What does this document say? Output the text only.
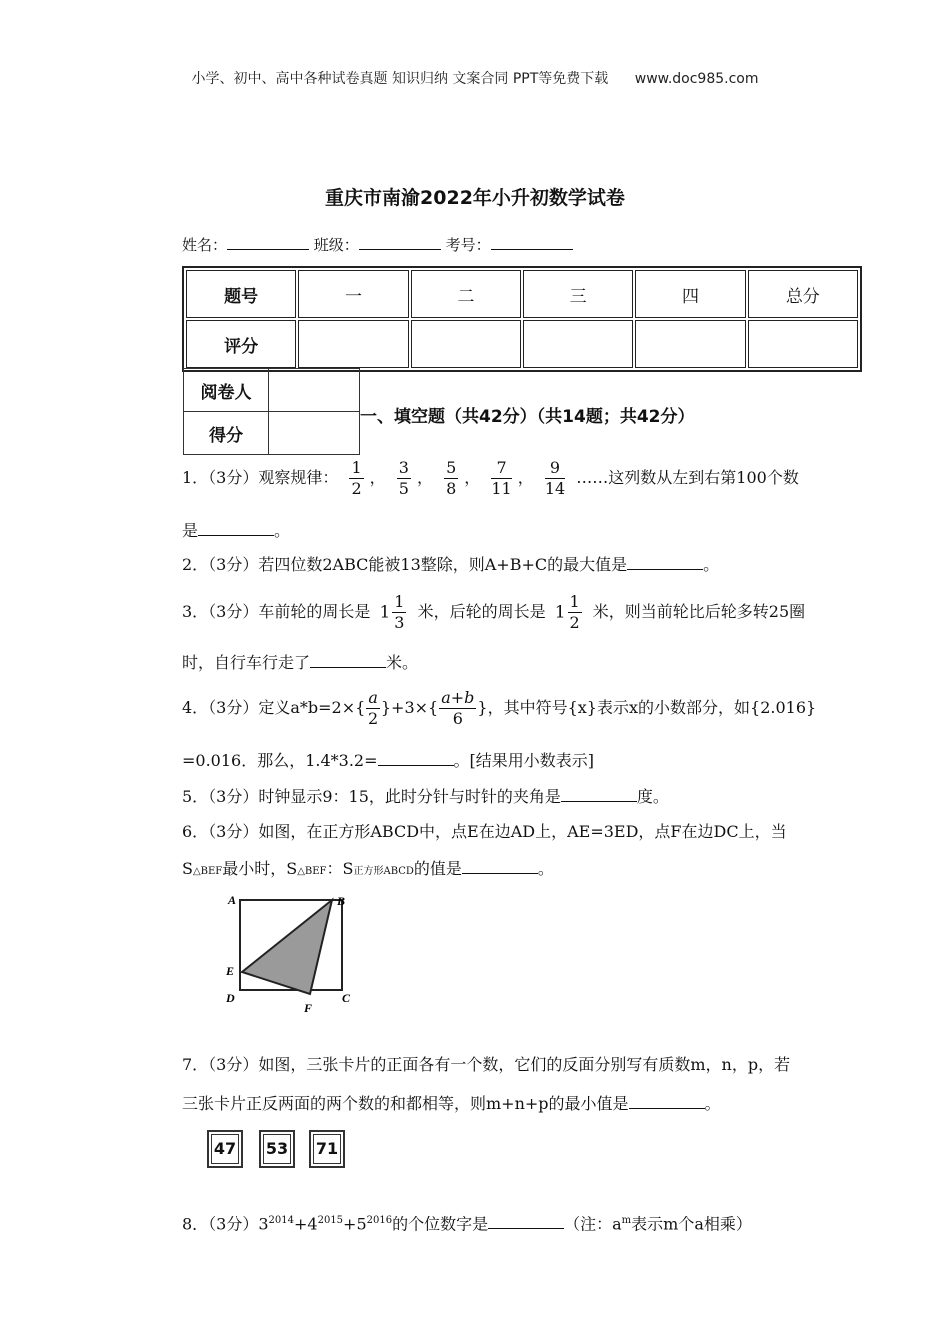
小学、初中、高中各种试卷真题 知识归纳 文案合同 PPT等免费下载 www.doc985.com
重庆市南渝2022年小升初数学试卷
姓名：	班级：	考号：
题号	一	二	三	四	总分
评分					
阅卷人	
得分	
一、填空题（共42分）（共14题；共42分）
1．（3分）观察规律： $\frac{1}{2}$ ， $\frac{3}{5}$ ， $\frac{5}{8}$ ， $\frac{7}{11}$ ， $\frac{9}{14}$ ……这列数从左到右第100个数
是	。
2．（3分）若四位数2ABC能被13整除，则A+B+C的最大值是	。
3．（3分）车前轮的周长是 $1 \frac{1}{3}$ 米，后轮的周长是 $1 \frac{1}{2}$ 米，则当前轮比后轮多转25圈
时，自行车行走了	米。
4．（3分）定义$a*b=2\times\{ \frac{a}{2} \}+3\times\{ \frac{a+b}{6}$ }，其中符号{x}表示x的小数部分，如{2.016}
=0.016．那么，1.4*3.2=	。[结果用小数表示]
5．（3分）时钟显示9：15，此时分针与时针的夹角是	度。
6．（3分）如图，在正方形ABCD中，点E在边AD上，AE=3ED，点F在边DC上，当
S△BEF最小时，S△BEF：S正方形ABCD的值是	。
A	B
E
D
F
C
7．（3分）如图，三张卡片的正面各有一个数，它们的反面分别写有质数m，n，p，若
三张卡片正反两面的两个数的和都相等，则m+n+p的最小值是	。
47	53	71
8．（3分）$3^{2014}+4^{2015}+5^{2016}$的个位数字是	（注：$a^m$表示m个a相乘）
